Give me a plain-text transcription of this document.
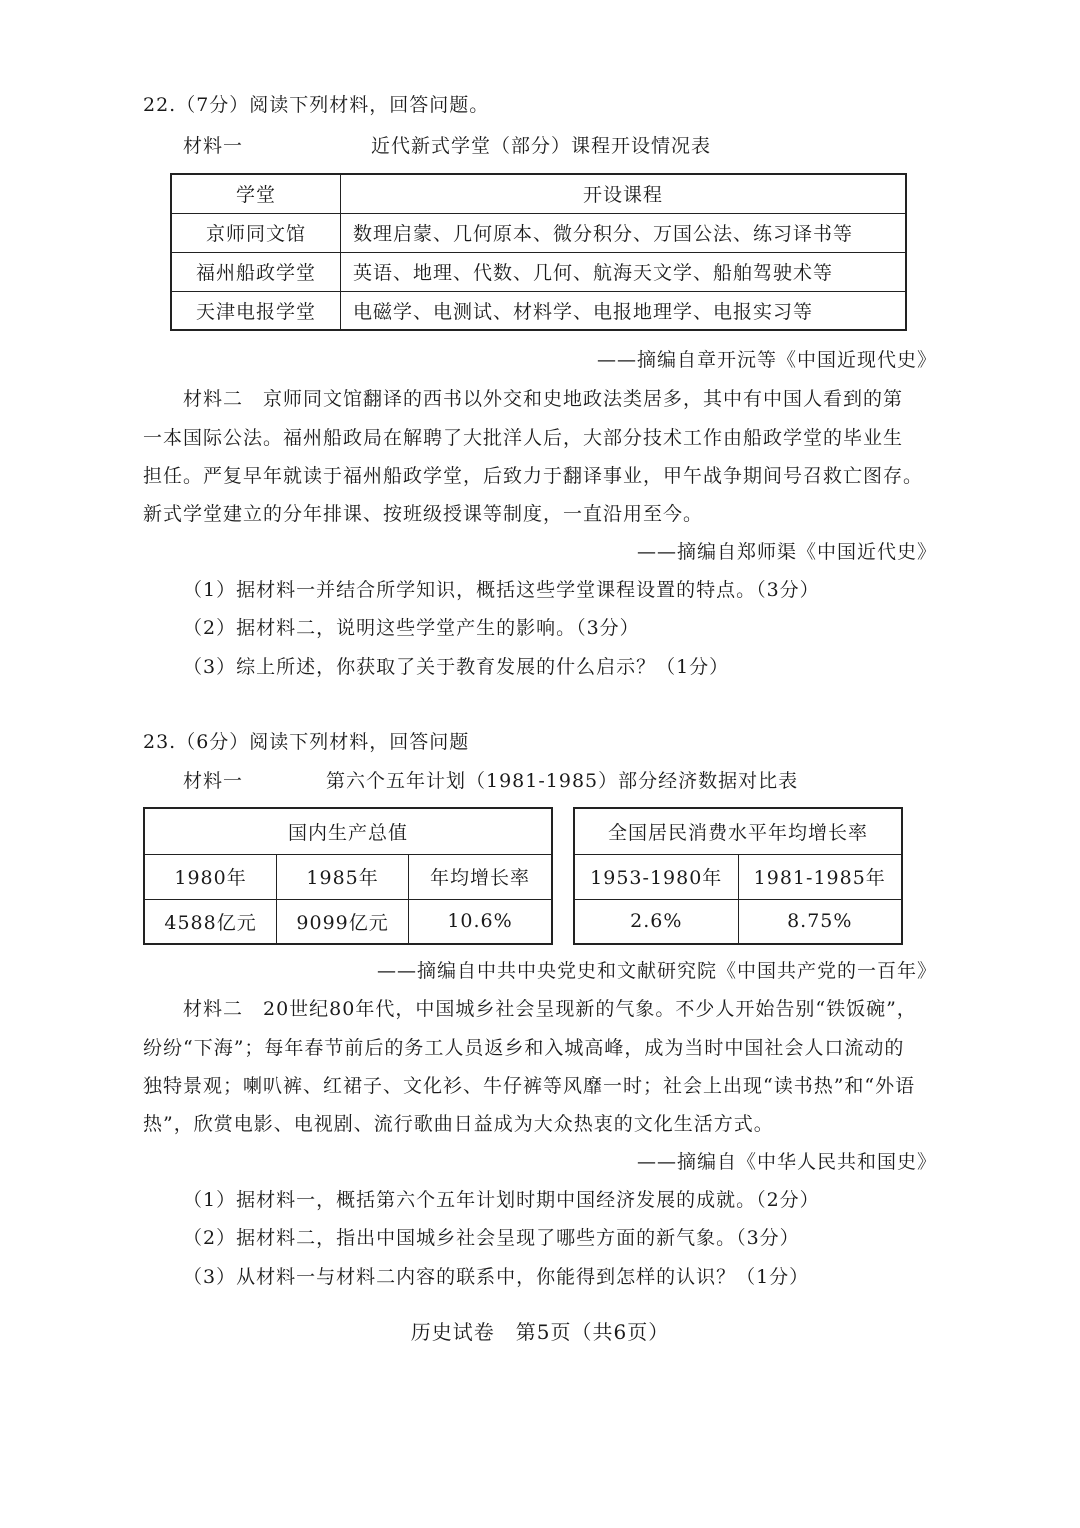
22.（7分）阅读下列材料，回答问题。
材料一	近代新式学堂（部分）课程开设情况表
学堂	开设课程
京师同文馆	数理启蒙、几何原本、微分积分、万国公法、练习译书等
福州船政学堂	英语、地理、代数、几何、航海天文学、船舶驾驶术等
天津电报学堂	电磁学、电测试、材料学、电报地理学、电报实习等
——摘编自章开沅等《中国近现代史》
材料二　京师同文馆翻译的西书以外交和史地政法类居多，其中有中国人看到的第
一本国际公法。福州船政局在解聘了大批洋人后，大部分技术工作由船政学堂的毕业生
担任。严复早年就读于福州船政学堂，后致力于翻译事业，甲午战争期间号召救亡图存。
新式学堂建立的分年排课、按班级授课等制度，一直沿用至今。
——摘编自郑师渠《中国近代史》
（1）据材料一并结合所学知识，概括这些学堂课程设置的特点。（3分）
（2）据材料二，说明这些学堂产生的影响。（3分）
（3）综上所述，你获取了关于教育发展的什么启示？（1分）
23.（6分）阅读下列材料，回答问题
材料一	第六个五年计划（1981-1985）部分经济数据对比表
国内生产总值		
1980年	1985年	年均增长率
4588亿元	9099亿元	10.6%
全国居民消费水平年均增长率	
1953-1980年	1981-1985年
2.6%	8.75%
——摘编自中共中央党史和文献研究院《中国共产党的一百年》
材料二　20世纪80年代，中国城乡社会呈现新的气象。不少人开始告别“铁饭碗”，
纷纷“下海”；每年春节前后的务工人员返乡和入城高峰，成为当时中国社会人口流动的
独特景观；喇叭裤、红裙子、文化衫、牛仔裤等风靡一时；社会上出现“读书热”和“外语
热”，欣赏电影、电视剧、流行歌曲日益成为大众热衷的文化生活方式。
——摘编自《中华人民共和国史》
（1）据材料一，概括第六个五年计划时期中国经济发展的成就。（2分）
（2）据材料二，指出中国城乡社会呈现了哪些方面的新气象。（3分）
（3）从材料一与材料二内容的联系中，你能得到怎样的认识？（1分）
历史试卷　第5页（共6页）
